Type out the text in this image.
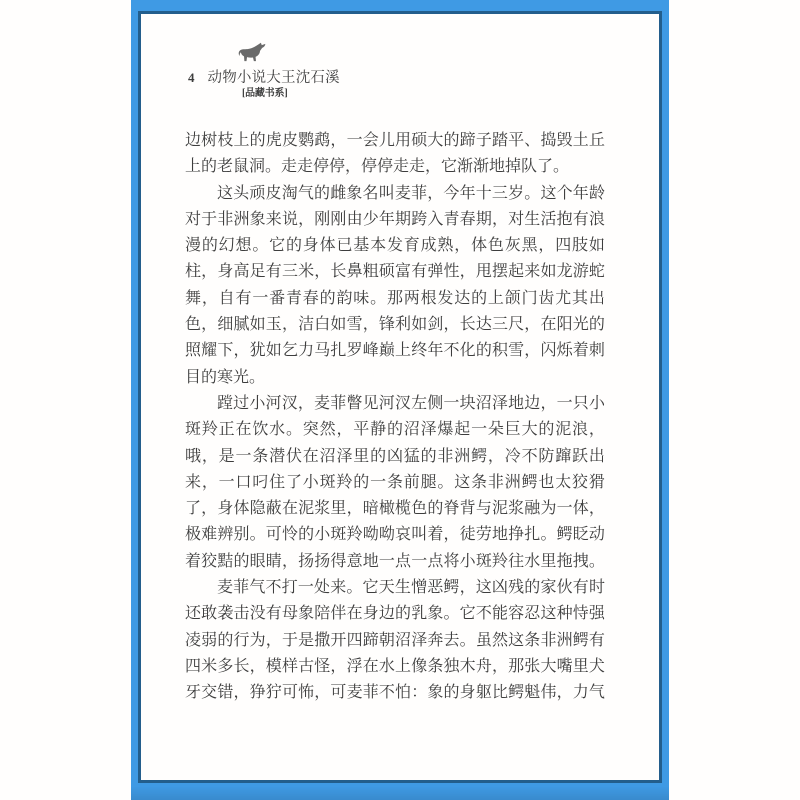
4 动物小说大王沈石溪
[品藏书系]
边 树 枝 上 的 虎 皮 鹦 鹉 ， 一 会 儿 用 硕 大 的 蹄 子 踏 平 、 捣 毁 土 丘
上的老鼠洞。走走停停，停停走走，它渐渐地掉队了。
这 头 顽 皮 淘 气 的 雌 象 名 叫 麦 菲 ， 今 年 十 三 岁 。 这 个 年 龄
对 于 非 洲 象 来 说 ， 刚 刚 由 少 年 期 跨 入 青 春 期 ， 对 生 活 抱 有 浪
漫 的 幻 想 。 它 的 身 体 已 基 本 发 育 成 熟 ， 体 色 灰 黑 ， 四 肢 如
柱 ， 身 高 足 有 三 米 ， 长 鼻 粗 硕 富 有 弹 性 ， 甩 摆 起 来 如 龙 游 蛇
舞 ， 自 有 一 番 青 春 的 韵 味 。 那 两 根 发 达 的 上 颌 门 齿 尤 其 出
色 ， 细 腻 如 玉 ， 洁 白 如 雪 ， 锋 利 如 剑 ， 长 达 三 尺 ， 在 阳 光 的
照 耀 下 ， 犹 如 乞 力 马 扎 罗 峰 巅 上 终 年 不 化 的 积 雪 ， 闪 烁 着 刺
目的寒光。
蹚 过 小 河 汊 ， 麦 菲 瞥 见 河 汊 左 侧 一 块 沼 泽 地 边 ， 一 只 小
斑 羚 正 在 饮 水 。 突 然 ， 平 静 的 沼 泽 爆 起 一 朵 巨 大 的 泥 浪 ，
哦 ， 是 一 条 潜 伏 在 沼 泽 里 的 凶 猛 的 非 洲 鳄 ， 冷 不 防 蹿 跃 出
来 ， 一 口 叼 住 了 小 斑 羚 的 一 条 前 腿 。 这 条 非 洲 鳄 也 太 狡 猾
了 ， 身 体 隐 蔽 在 泥 浆 里 ， 暗 橄 榄 色 的 脊 背 与 泥 浆 融 为 一 体 ，
极 难 辨 别 。 可 怜 的 小 斑 羚 呦 呦 哀 叫 着 ， 徒 劳 地 挣 扎 。 鳄 眨 动
着 狡 黠 的 眼 睛 ， 扬 扬 得 意 地 一 点 一 点 将 小 斑 羚 往 水 里 拖 拽 。
麦 菲 气 不 打 一 处 来 。 它 天 生 憎 恶 鳄 ， 这 凶 残 的 家 伙 有 时
还 敢 袭 击 没 有 母 象 陪 伴 在 身 边 的 乳 象 。 它 不 能 容 忍 这 种 恃 强
凌 弱 的 行 为 ， 于 是 撒 开 四 蹄 朝 沼 泽 奔 去 。 虽 然 这 条 非 洲 鳄 有
四 米 多 长 ， 模 样 古 怪 ， 浮 在 水 上 像 条 独 木 舟 ， 那 张 大 嘴 里 犬
牙 交 错 ， 狰 狞 可 怖 ， 可 麦 菲 不 怕 ： 象 的 身 躯 比 鳄 魁 伟 ， 力 气
